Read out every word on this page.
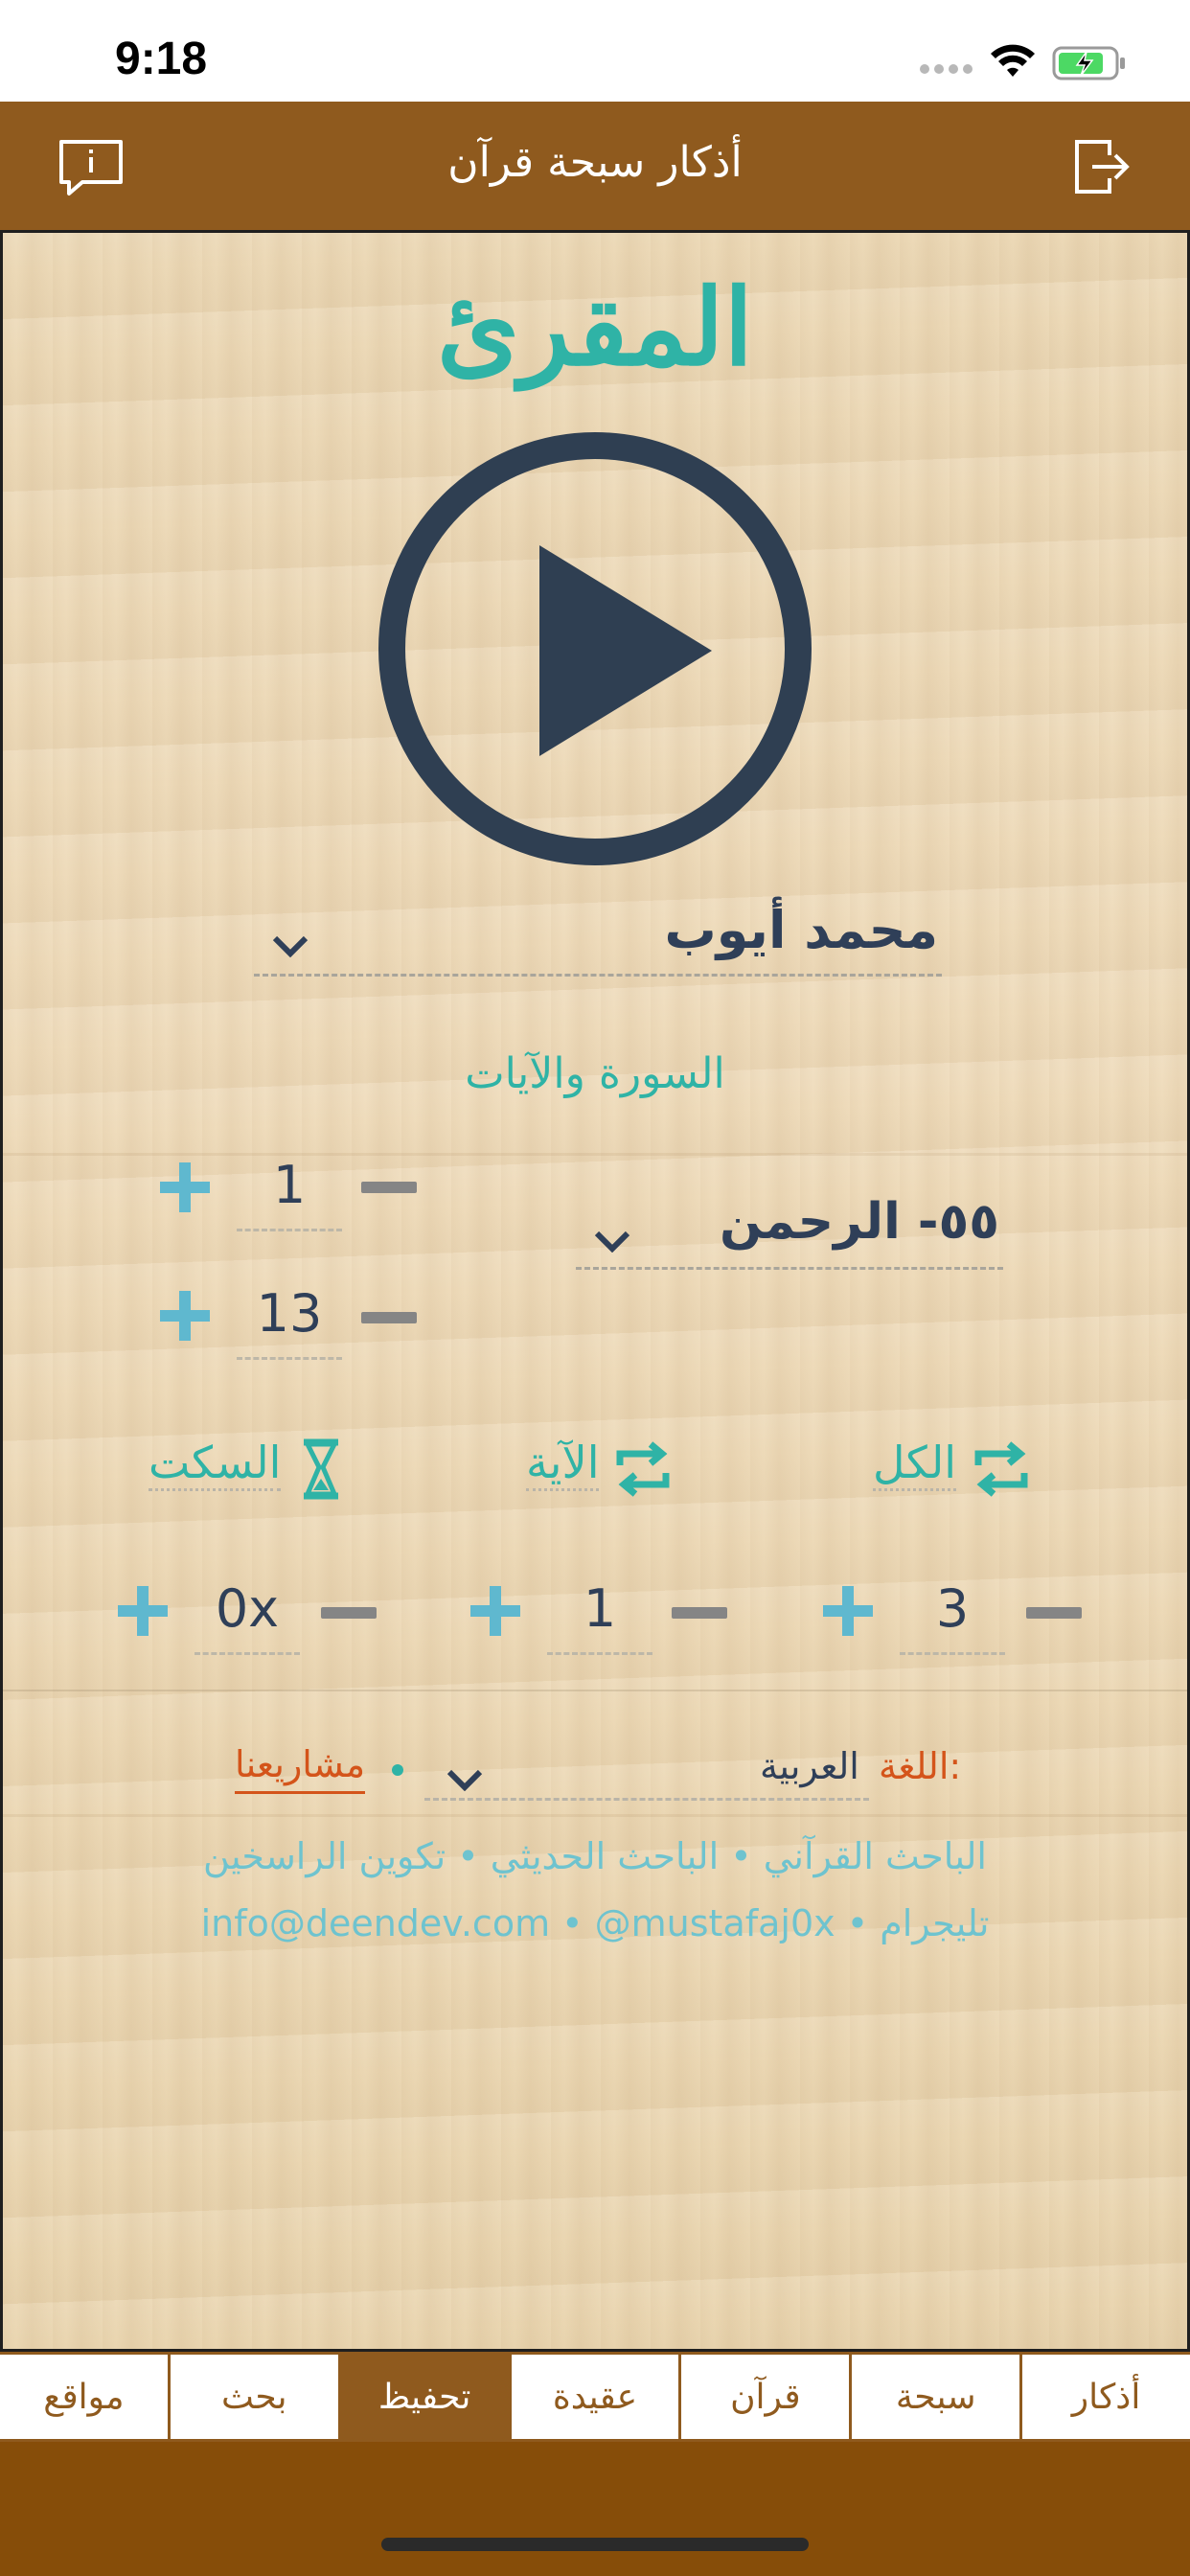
9:18
أذكار سبحة قرآن
المقرئ
محمد أيوب
السورة والآيات
1
13
٥٥- الرحمن
الكل
الآية
السكت
3
1
0x
اللغة:
العربية
مشاريعنا
الباحث القرآني • الباحث الحديثي • تكوين الراسخين
info@deendev.com • @mustafaj0x • تليجرام
أذكار
سبحة
قرآن
عقيدة
تحفيظ
بحث
مواقع
